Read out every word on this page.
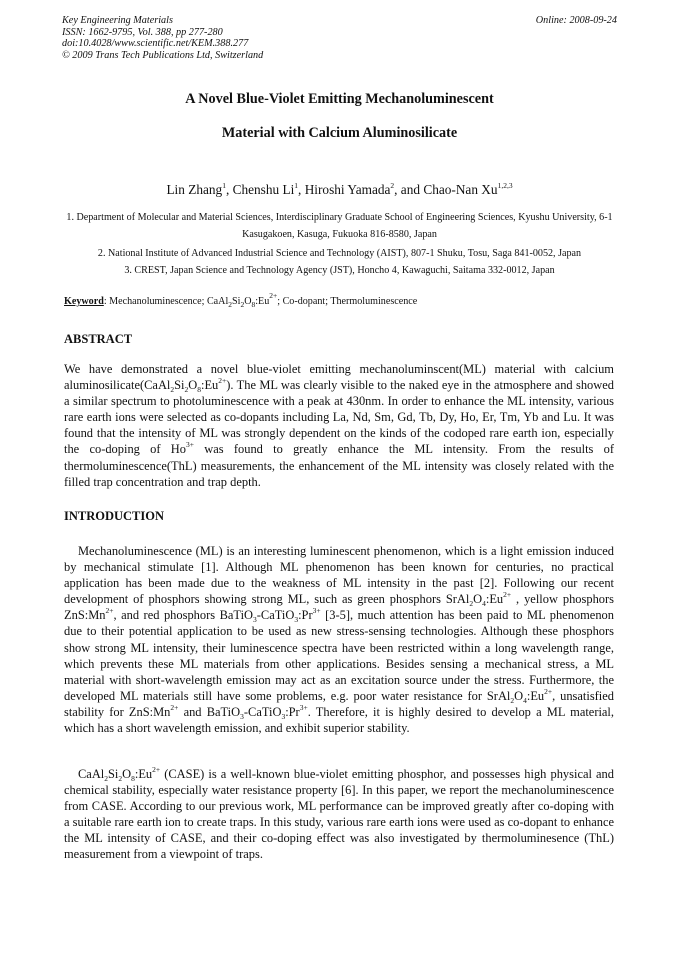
Key Engineering Materials
ISSN: 1662-9795, Vol. 388, pp 277-280
doi:10.4028/www.scientific.net/KEM.388.277
© 2009 Trans Tech Publications Ltd, Switzerland
Online: 2008-09-24
A Novel Blue-Violet Emitting Mechanoluminescent
Material with Calcium Aluminosilicate
Lin Zhang$^1$, Chenshu Li$^1$, Hiroshi Yamada$^2$, and Chao-Nan Xu$^{1,2,3}$
1. Department of Molecular and Material Sciences, Interdisciplinary Graduate School of Engineering Sciences, Kyushu University, 6-1 Kasugakoen, Kasuga, Fukuoka 816-8580, Japan
2. National Institute of Advanced Industrial Science and Technology (AIST), 807-1 Shuku, Tosu, Saga 841-0052, Japan
3. CREST, Japan Science and Technology Agency (JST), Honcho 4, Kawaguchi, Saitama 332-0012, Japan
Keyword: Mechanoluminescence; $CaAl_2Si_2O_8:Eu^{2+}$; Co-dopant; Thermoluminescence
ABSTRACT
We have demonstrated a novel blue-violet emitting mechanoluminscent(ML) material with calcium $aluminosilicate(CaAl_2Si_2O_8:Eu^{2+})$. The ML was clearly visible to the naked eye in the atmosphere and showed a similar spectrum to photoluminescence with a peak at 430nm. In order to enhance the ML intensity, various rare earth ions were selected as co-dopants including La, Nd, Sm, Gd, Tb, Dy, Ho, Er, Tm, Yb and Lu. It was found that the intensity of ML was strongly dependent on the kinds of the codoped rare earth ion, especially the co-doping of $Ho^{3+}$ was found to greatly enhance the ML intensity. From the results of thermoluminescence(ThL) measurements, the enhancement of the ML intensity was closely related with the filled trap concentration and trap depth.
INTRODUCTION
Mechanoluminescence (ML) is an interesting luminescent phenomenon, which is a light emission induced by mechanical stimulate [1]. Although ML phenomenon has been known for centuries, no practical application has been made due to the weakness of ML intensity in the past [2]. Following our recent development of phosphors showing strong ML, such as green phosphors $SrAl_2O_4:Eu^{2+}$ , yellow phosphors $ZnS:Mn^{2+}$, and red phosphors $BaTiO_3-CaTiO_3:Pr^{3+}$ [3-5], much attention has been paid to ML phenomenon due to their potential application to be used as new stress-sensing technologies. Although these phosphors show strong ML intensity, their luminescence spectra have been restricted within a long wavelength range, which prevents these ML materials from other applications. Besides sensing a mechanical stress, a ML material with short-wavelength emission may act as an excitation source under the stress. Furthermore, the developed ML materials still have some problems, e.g. poor water resistance for $SrAl_2O_4:Eu^{2+}$, unsatisfied stability for $ZnS:Mn^{2+}$ and $BaTiO_3-CaTiO_3:Pr^{3+}$. Therefore, it is highly desired to develop a ML material, which has a short wavelength emission, and exhibit superior stability.
$CaAl_2Si_2O_8:Eu^{2+}$ (CASE) is a well-known blue-violet emitting phosphor, and possesses high physical and chemical stability, especially water resistance property [6]. In this paper, we report the mechanoluminescence from CASE. According to our previous work, ML performance can be improved greatly after co-doping with a suitable rare earth ion to create traps. In this study, various rare earth ions were used as co-dopant to enhance the ML intensity of CASE, and their co-doping effect was also investigated by thermoluminesence (ThL) measurement from a viewpoint of traps.
